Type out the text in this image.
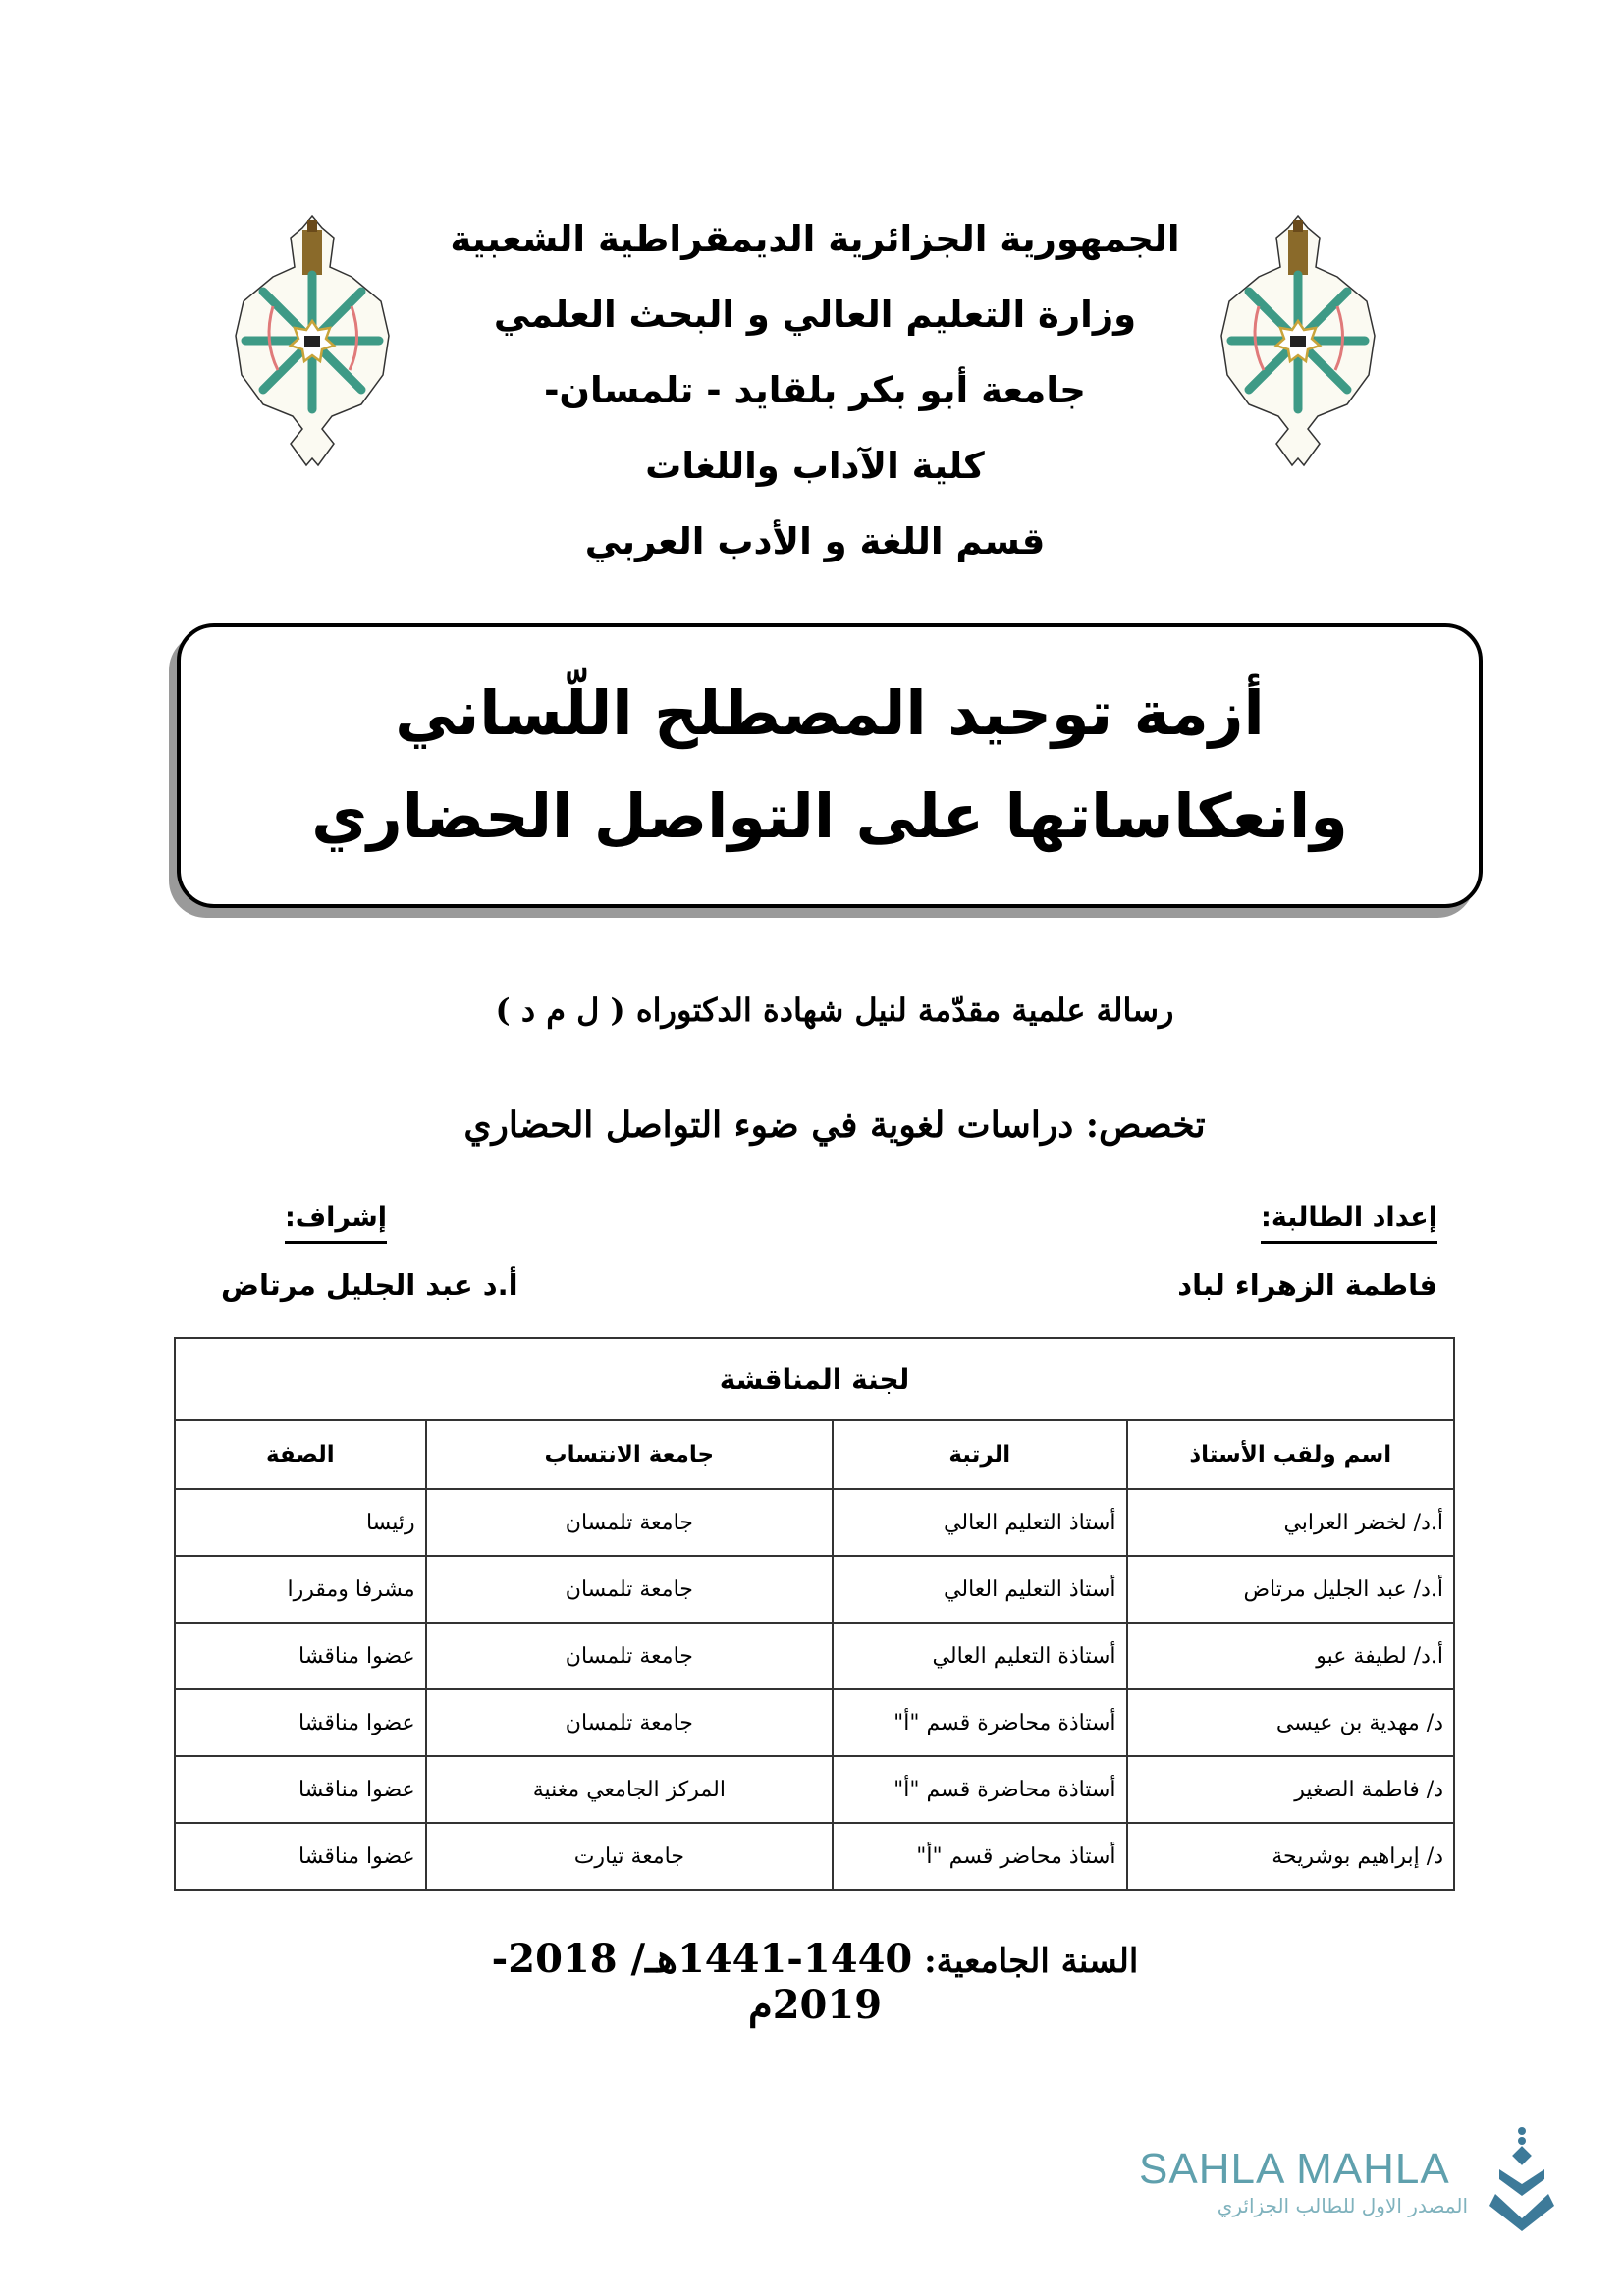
الجمهورية الجزائرية الديمقراطية الشعبية
وزارة التعليم العالي و البحث العلمي
جامعة أبو بكر بلقايد - تلمسان-
كلية الآداب واللغات
قسم اللغة و الأدب العربي
أزمة توحيد المصطلح اللّساني
وانعكاساتها على التواصل الحضاري
رسالة علمية مقدّمة لنيل شهادة الدكتوراه ( ل م د )
تخصص: دراسات لغوية في ضوء التواصل الحضاري
إعداد الطالبة:
فاطمة الزهراء لباد
إشراف:
أ.د عبد الجليل مرتاض
لجنة المناقشة			
اسم ولقب الأستاذ	الرتبة	جامعة الانتساب	الصفة
أ.د/ لخضر العرابي	أستاذ التعليم العالي	جامعة تلمسان	رئيسا
أ.د/ عبد الجليل مرتاض	أستاذ التعليم العالي	جامعة تلمسان	مشرفا ومقررا
أ.د/ لطيفة عبو	أستاذة التعليم العالي	جامعة تلمسان	عضوا مناقشا
د/ مهدية بن عيسى	أستاذة محاضرة قسم "أ"	جامعة تلمسان	عضوا مناقشا
د/ فاطمة الصغير	أستاذة محاضرة قسم "أ"	المركز الجامعي مغنية	عضوا مناقشا
د/ إبراهيم بوشريحة	أستاذ محاضر قسم "أ"	جامعة تيارت	عضوا مناقشا
السنة الجامعية: 1440-1441هـ/ 2018-2019م
SAHLA MAHLA
المصدر الاول للطالب الجزائري
